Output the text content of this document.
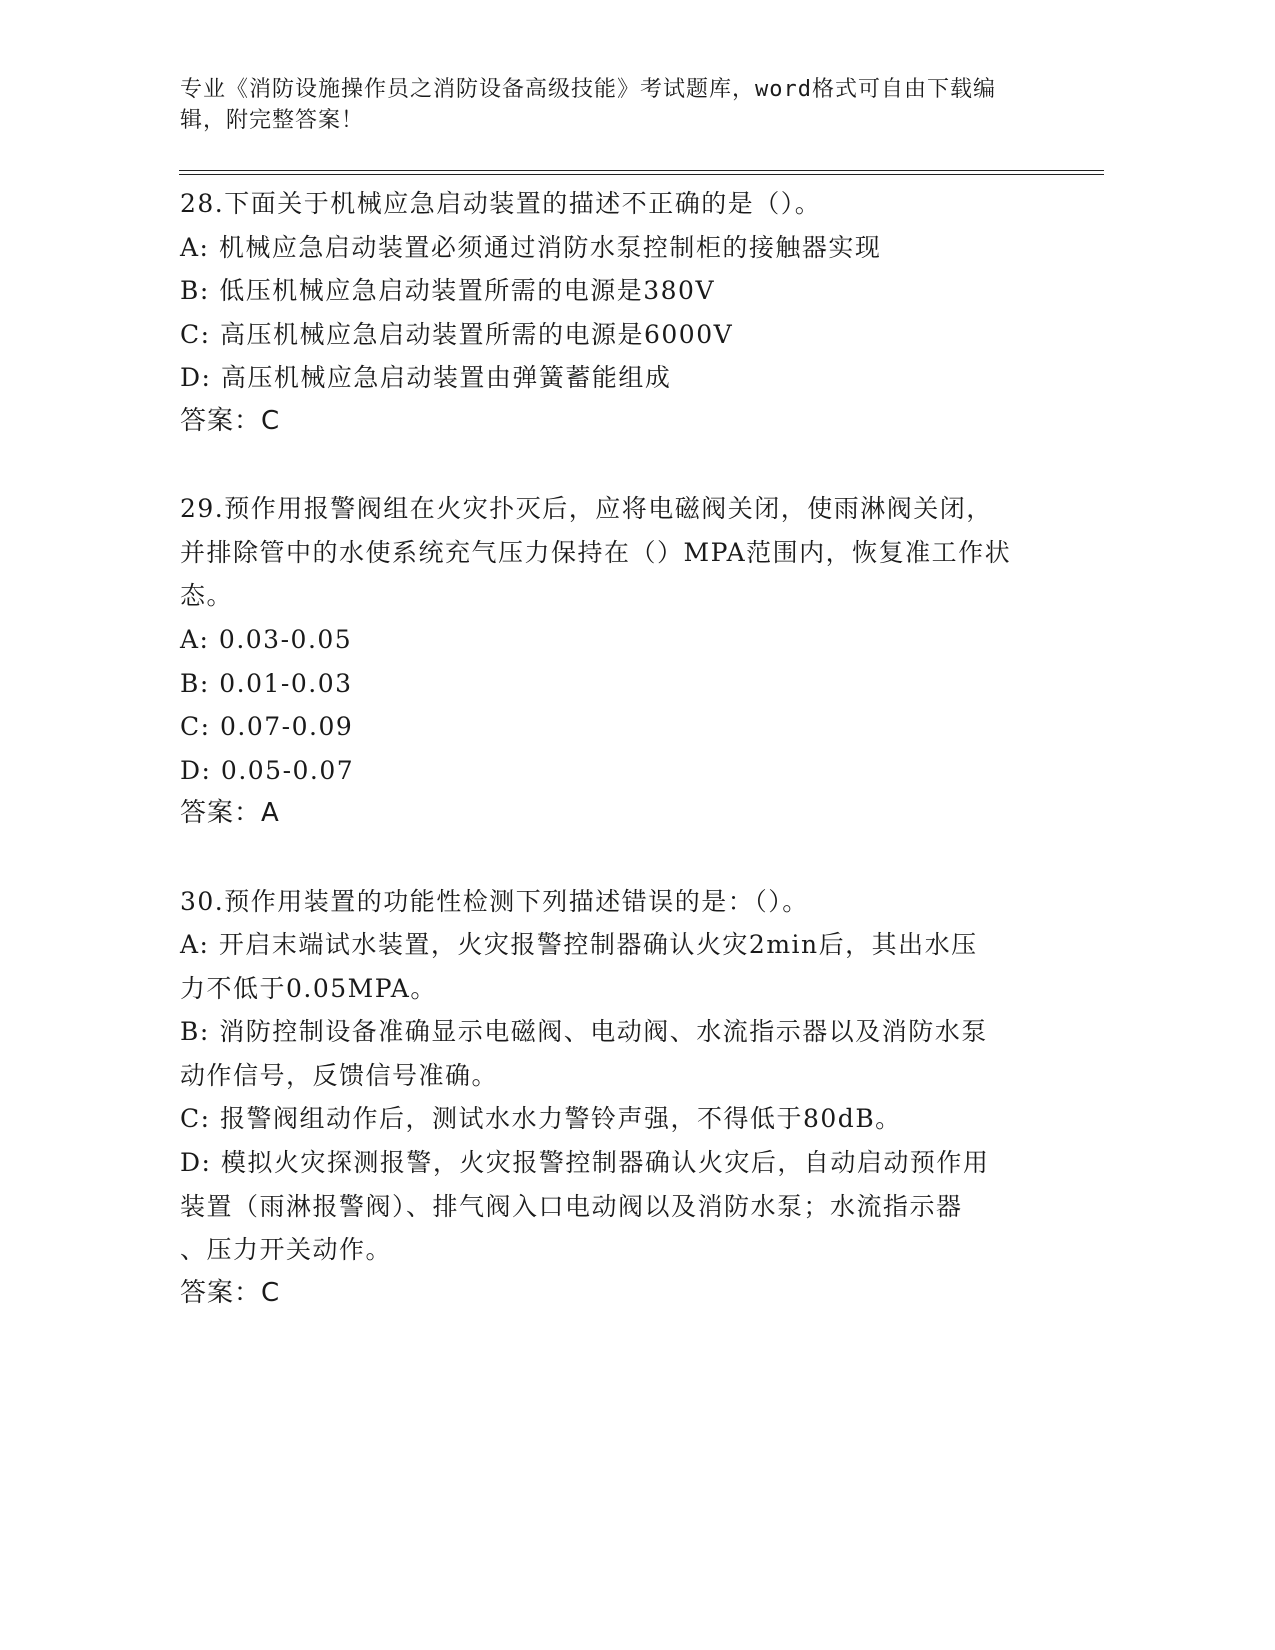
专业《消防设施操作员之消防设备高级技能》考试题库，word格式可自由下载编
辑，附完整答案！
28.下面关于机械应急启动装置的描述不正确的是（）。
A: 机械应急启动装置必须通过消防水泵控制柜的接触器实现
B: 低压机械应急启动装置所需的电源是380V
C: 高压机械应急启动装置所需的电源是6000V
D: 高压机械应急启动装置由弹簧蓄能组成
答案：C
29.预作用报警阀组在火灾扑灭后，应将电磁阀关闭，使雨淋阀关闭，
并排除管中的水使系统充气压力保持在（）MPA范围内，恢复准工作状
态。
A: 0.03-0.05
B: 0.01-0.03
C: 0.07-0.09
D: 0.05-0.07
答案：A
30.预作用装置的功能性检测下列描述错误的是：（）。
A: 开启末端试水装置，火灾报警控制器确认火灾2min后，其出水压
力不低于0.05MPA。
B: 消防控制设备准确显示电磁阀、电动阀、水流指示器以及消防水泵
动作信号，反馈信号准确。
C: 报警阀组动作后，测试水水力警铃声强，不得低于80dB。
D: 模拟火灾探测报警，火灾报警控制器确认火灾后，自动启动预作用
装置（雨淋报警阀）、排气阀入口电动阀以及消防水泵；水流指示器
、压力开关动作。
答案：C
